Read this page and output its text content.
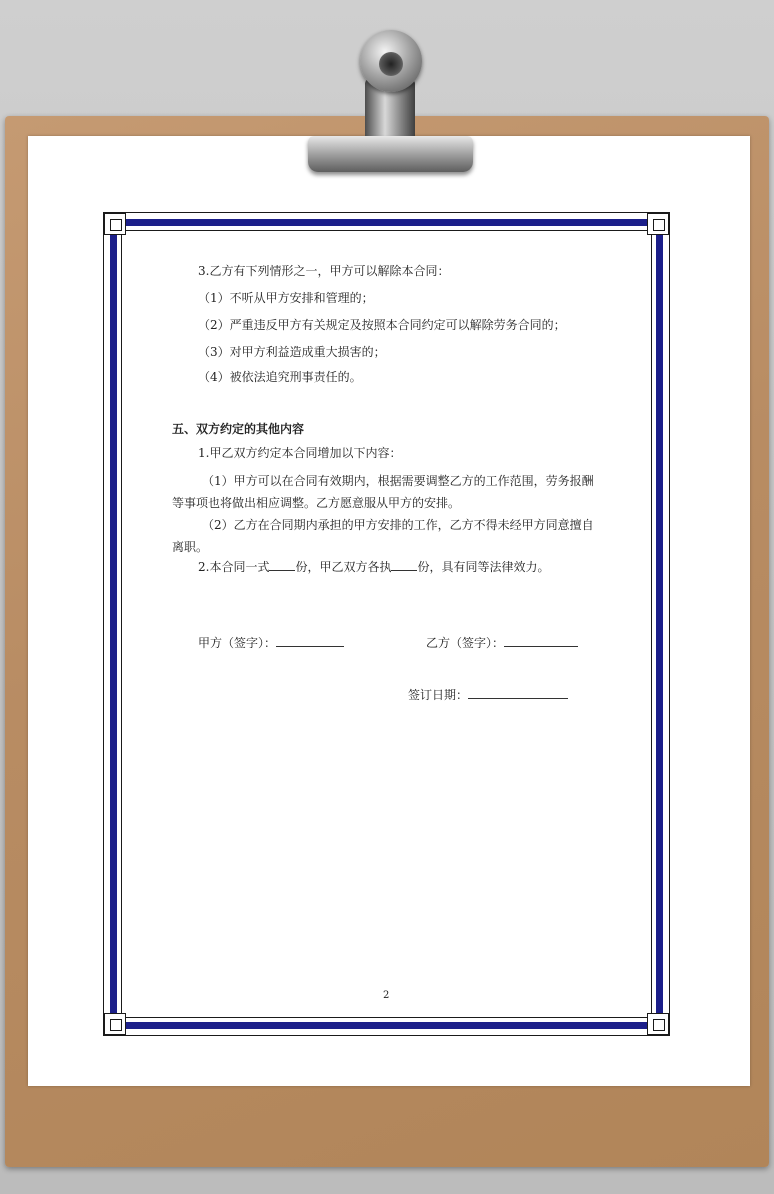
3.乙方有下列情形之一，甲方可以解除本合同：
（1）不听从甲方安排和管理的；
（2）严重违反甲方有关规定及按照本合同约定可以解除劳务合同的；
（3）对甲方利益造成重大损害的；
（4）被依法追究刑事责任的。
五、双方约定的其他内容
1.甲乙双方约定本合同增加以下内容：
（1）甲方可以在合同有效期内，根据需要调整乙方的工作范围，劳务报酬等事项也将做出相应调整。乙方愿意服从甲方的安排。
（2）乙方在合同期内承担的甲方安排的工作，乙方不得未经甲方同意擅自离职。
2.本合同一式 份，甲乙双方各执 份，具有同等法律效力。
甲方（签字）：	乙方（签字）：
签订日期：
2
